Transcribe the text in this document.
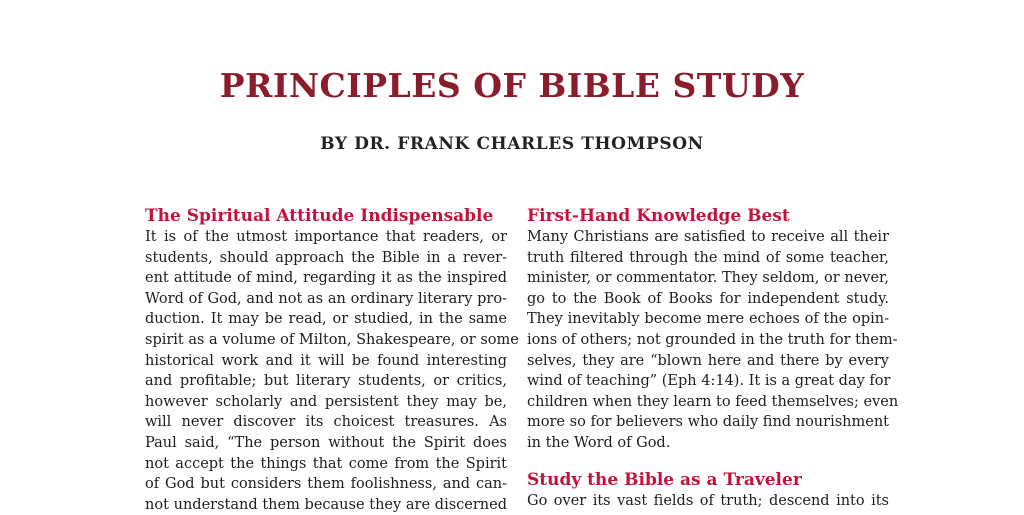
PRINCIPLES OF BIBLE STUDY
BY DR. FRANK CHARLES THOMPSON
The Spiritual Attitude Indispensable

It is of the utmost importance that readers, or
students, should approach the Bible in a rever-
ent attitude of mind, regarding it as the inspired
Word of God, and not as an ordinary literary pro-
duction. It may be read, or studied, in the same
spirit as a volume of Milton, Shakespeare, or some
historical work and it will be found interesting
and profitable; but literary students, or critics,
however scholarly and persistent they may be,
will never discover its choicest treasures. As
Paul said, “The person without the Spirit does
not accept the things that come from the Spirit
of God but considers them foolishness, and can-
not understand them because they are discerned

First-Hand Knowledge Best

Many Christians are satisfied to receive all their
truth filtered through the mind of some teacher,
minister, or commentator. They seldom, or never,
go to the Book of Books for independent study.
They inevitably become mere echoes of the opin-
ions of others; not grounded in the truth for them-
selves, they are “blown here and there by every
wind of teaching” (Eph 4:14). It is a great day for
children when they learn to feed themselves; even
more so for believers who daily find nourishment
in the Word of God.

Study the Bible as a Traveler

Go over its vast fields of truth; descend into its
